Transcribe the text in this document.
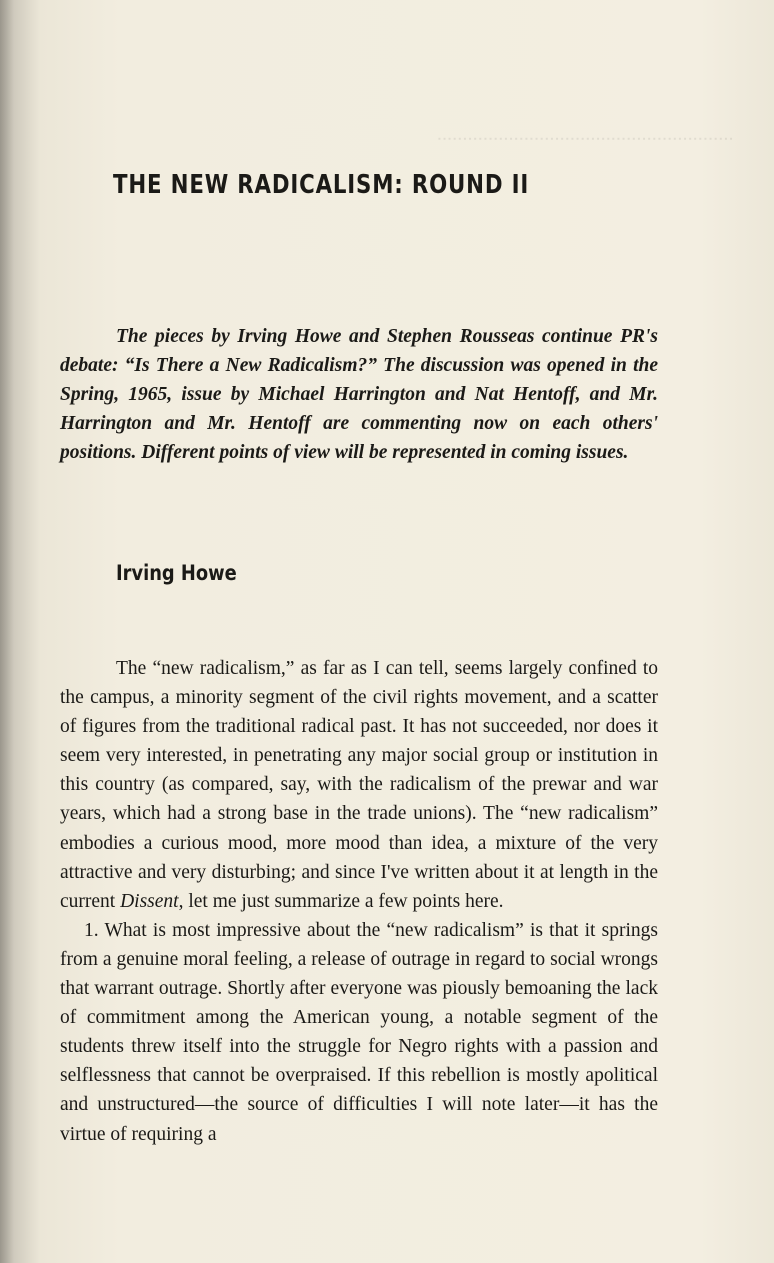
ᐧᐧᐧᐧᐧᐧᐧᐧᐧᐧᐧᐧᐧᐧᐧᐧᐧᐧᐧᐧᐧᐧᐧᐧᐧᐧᐧᐧᐧᐧᐧᐧᐧᐧᐧᐧᐧᐧᐧᐧᐧᐧᐧᐧᐧᐧᐧᐧᐧᐧᐧᐧᐧᐧᐧᐧᐧᐧ
THE NEW RADICALISM: ROUND II

The pieces by Irving Howe and Stephen Rousseas continue PR's debate: “Is There a New Radicalism?” The discussion was opened in the Spring, 1965, issue by Michael Harrington and Nat Hentoff, and Mr. Harrington and Mr. Hentoff are commenting now on each others' positions. Different points of view will be represented in coming issues.

Irving Howe

The “new radicalism,” as far as I can tell, seems largely confined to the campus, a minority segment of the civil rights movement, and a scatter of figures from the traditional radical past. It has not succeeded, nor does it seem very interested, in penetrating any major social group or institution in this country (as compared, say, with the radicalism of the prewar and war years, which had a strong base in the trade unions). The “new radicalism” embodies a curious mood, more mood than idea, a mixture of the very attractive and very disturbing; and since I've written about it at length in the current Dissent, let me just summarize a few points here.

1. What is most impressive about the “new radicalism” is that it springs from a genuine moral feeling, a release of outrage in regard to social wrongs that warrant outrage. Shortly after everyone was piously bemoaning the lack of commitment among the American young, a notable segment of the students threw itself into the struggle for Negro rights with a passion and selflessness that cannot be overpraised. If this rebellion is mostly apolitical and unstructured—the source of difficulties I will note later—it has the virtue of requiring a
